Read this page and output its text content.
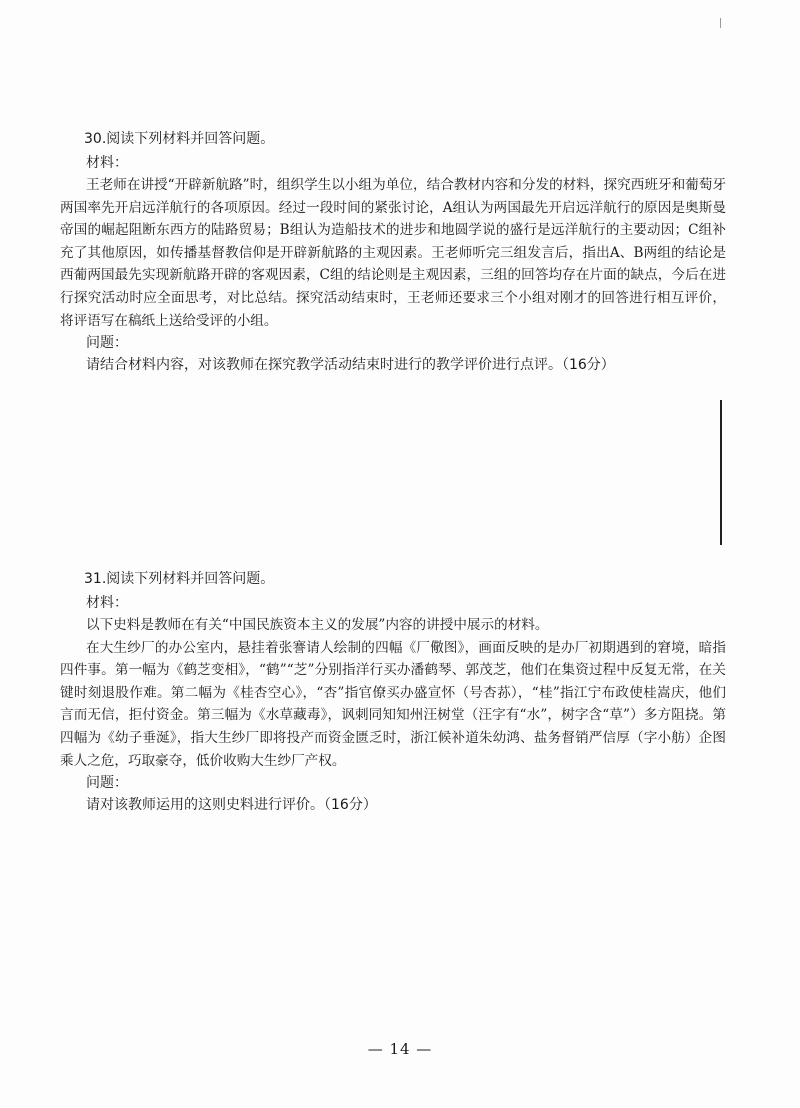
30.阅读下列材料并回答问题。

材料：

王老师在讲授“开辟新航路”时，组织学生以小组为单位，结合教材内容和分发的材料，探究西班牙和葡萄牙两国率先开启远洋航行的各项原因。经过一段时间的紧张讨论，A组认为两国最先开启远洋航行的原因是奥斯曼帝国的崛起阻断东西方的陆路贸易；B组认为造船技术的进步和地圆学说的盛行是远洋航行的主要动因；C组补充了其他原因，如传播基督教信仰是开辟新航路的主观因素。王老师听完三组发言后，指出A、B两组的结论是西葡两国最先实现新航路开辟的客观因素，C组的结论则是主观因素，三组的回答均存在片面的缺点，今后在进行探究活动时应全面思考，对比总结。探究活动结束时，王老师还要求三个小组对刚才的回答进行相互评价，将评语写在稿纸上送给受评的小组。

问题：

请结合材料内容，对该教师在探究教学活动结束时进行的教学评价进行点评。（16分）

31.阅读下列材料并回答问题。

材料：

以下史料是教师在有关“中国民族资本主义的发展”内容的讲授中展示的材料。

在大生纱厂的办公室内，悬挂着张謇请人绘制的四幅《厂儆图》，画面反映的是办厂初期遇到的窘境，暗指四件事。第一幅为《鹤芝变相》，“鹤”“芝”分别指洋行买办潘鹤琴、郭茂芝，他们在集资过程中反复无常，在关键时刻退股作难。第二幅为《桂杏空心》，“杏”指官僚买办盛宣怀（号杏荪），“桂”指江宁布政使桂嵩庆，他们言而无信，拒付资金。第三幅为《水草藏毒》，讽刺同知知州汪树堂（汪字有“水”，树字含“草”）多方阻挠。第四幅为《幼子垂涎》，指大生纱厂即将投产而资金匮乏时，浙江候补道朱幼鸿、盐务督销严信厚（字小舫）企图乘人之危，巧取豪夺，低价收购大生纱厂产权。

问题：

请对该教师运用的这则史料进行评价。（16分）

— 14 —
